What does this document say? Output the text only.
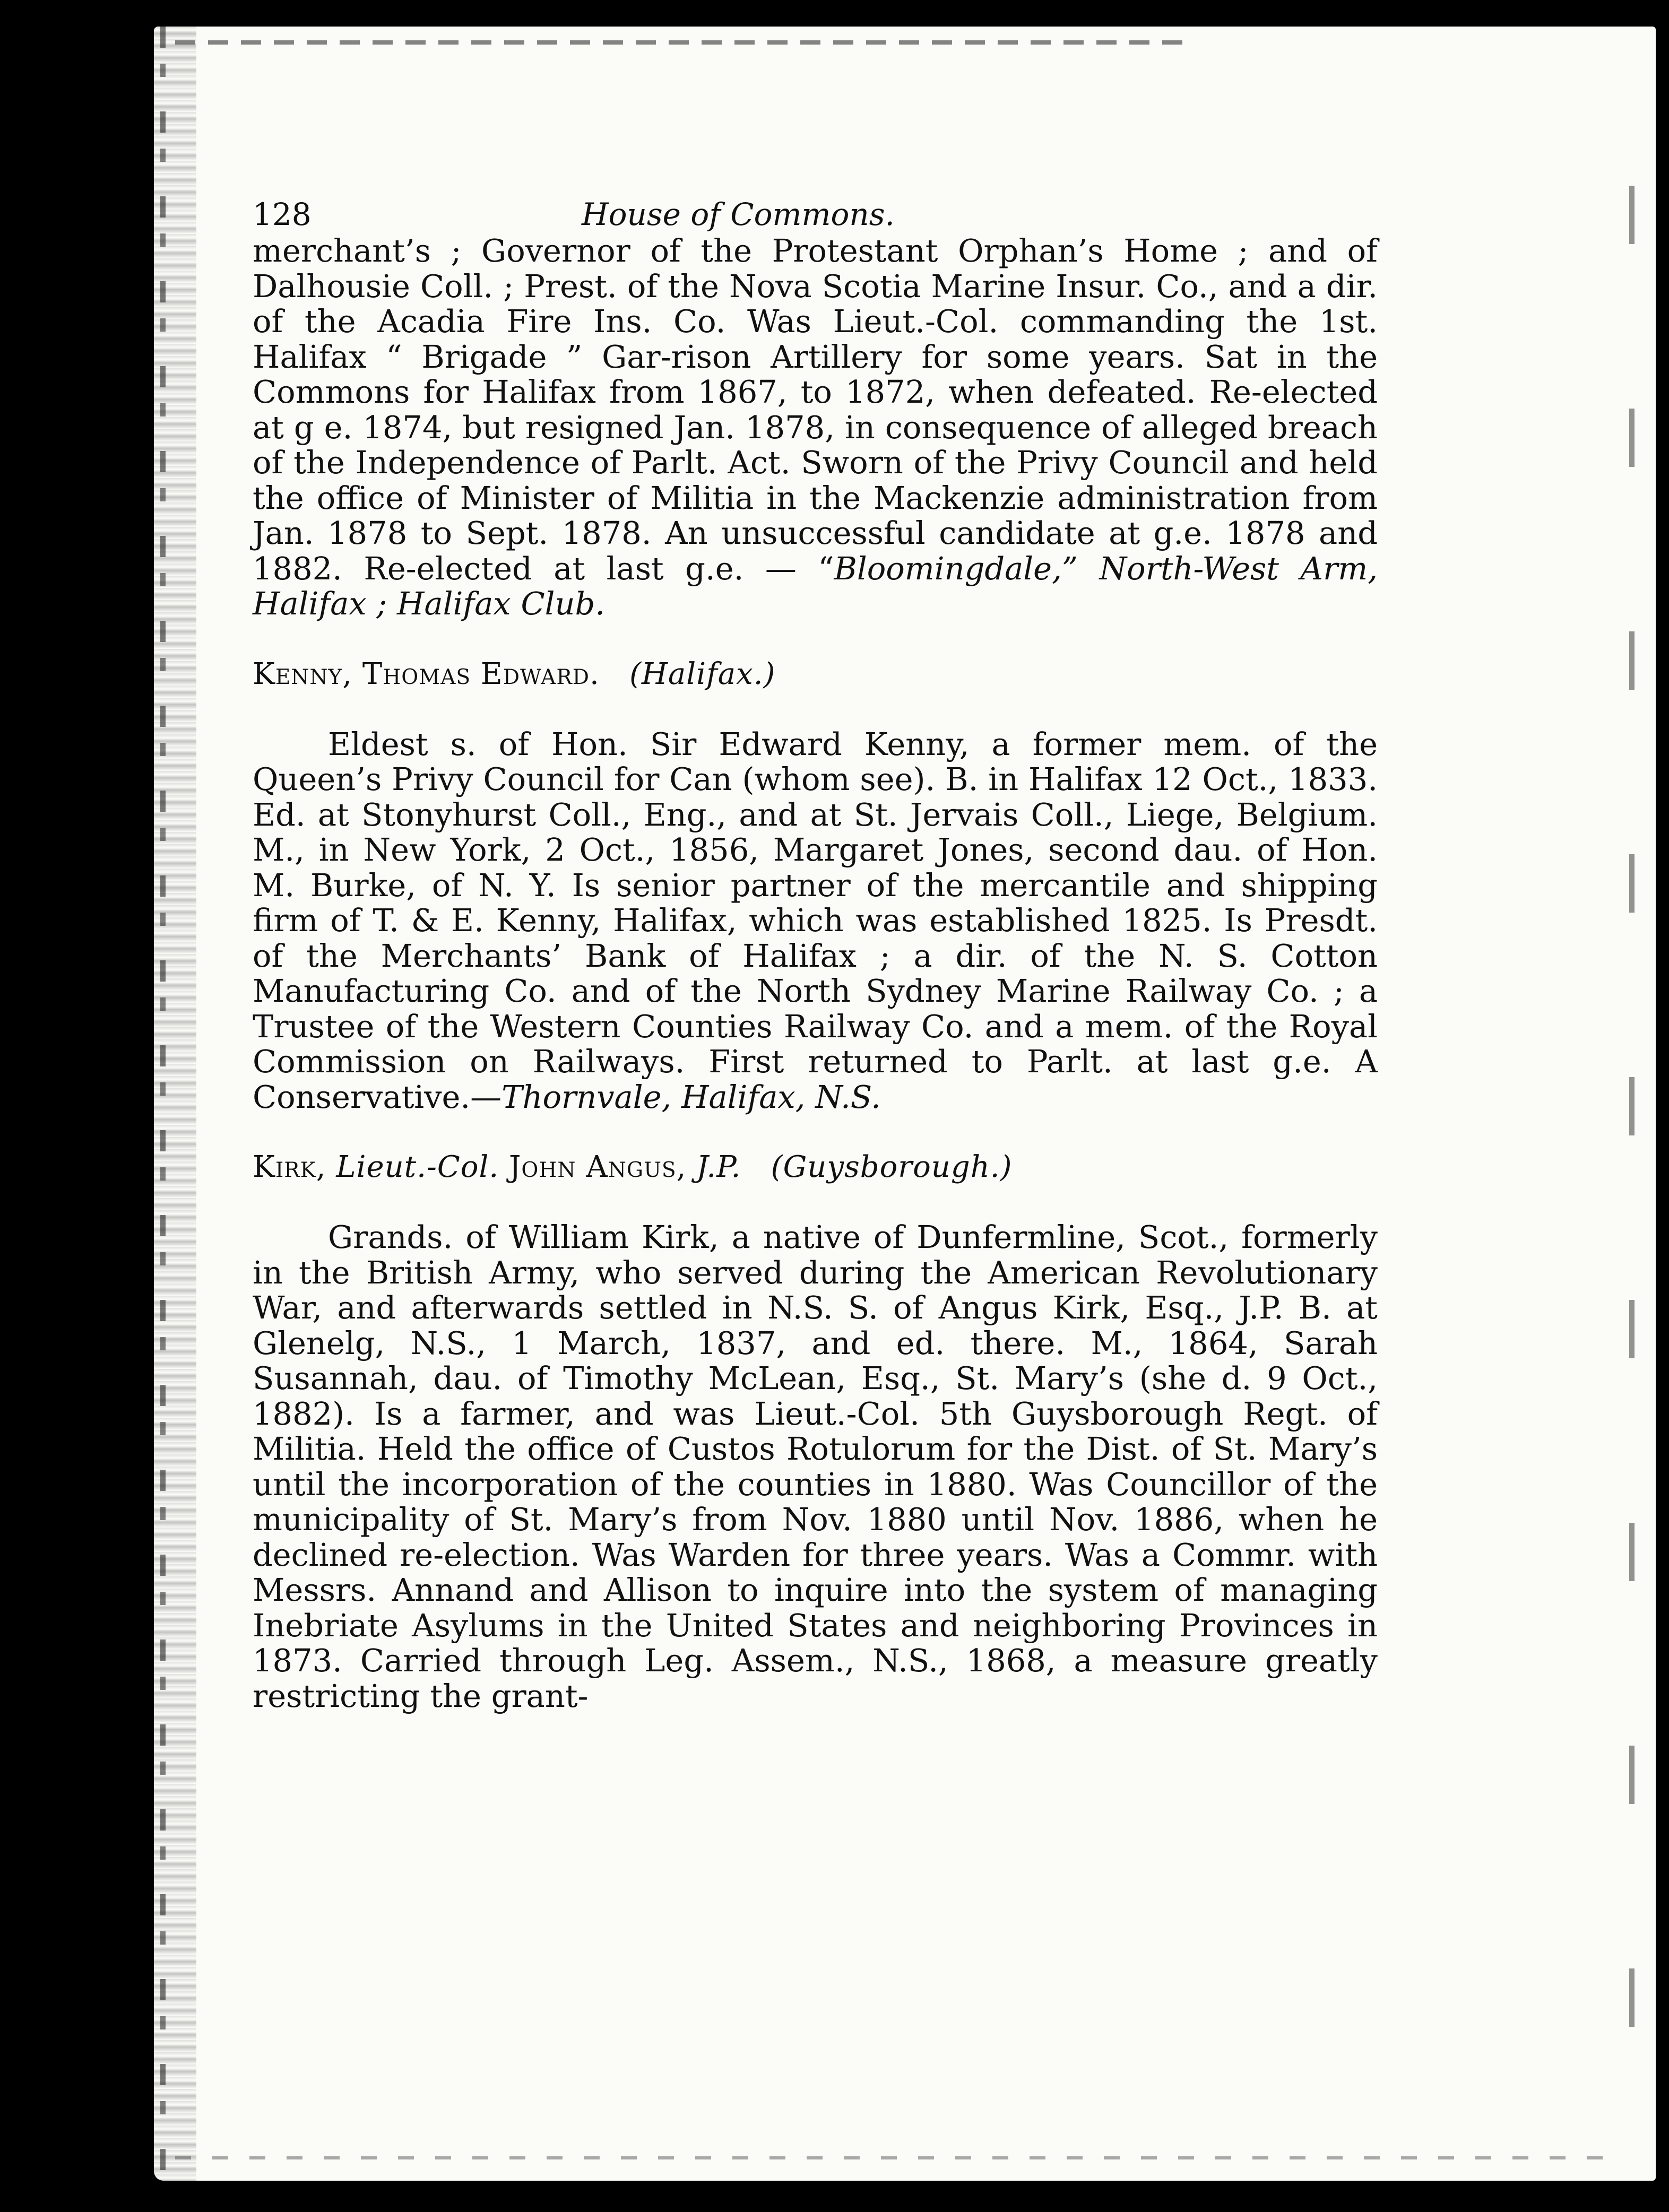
128	House of Commons.

merchant’s ; Governor of the Protestant Orphan’s Home ; and of Dalhousie Coll. ; Prest. of the Nova Scotia Marine Insur. Co., and a dir. of the Acadia Fire Ins. Co. Was Lieut.-Col. commanding the 1st. Halifax “ Brigade ” Gar-rison Artillery for some years. Sat in the Commons for Halifax from 1867, to 1872, when defeated. Re-elected at g e. 1874, but resigned Jan. 1878, in consequence of alleged breach of the Independence of Parlt. Act. Sworn of the Privy Council and held the office of Minister of Militia in the Mackenzie administration from Jan. 1878 to Sept. 1878. An unsuccessful candidate at g.e. 1878 and 1882. Re-elected at last g.e. — “Bloomingdale,” North-West Arm, Halifax ; Halifax Club.

Kenny, Thomas Edward. (Halifax.)

Eldest s. of Hon. Sir Edward Kenny, a former mem. of the Queen’s Privy Council for Can (whom see). B. in Halifax 12 Oct., 1833. Ed. at Stonyhurst Coll., Eng., and at St. Jervais Coll., Liege, Belgium. M., in New York, 2 Oct., 1856, Margaret Jones, second dau. of Hon. M. Burke, of N. Y. Is senior partner of the mercantile and shipping firm of T. & E. Kenny, Halifax, which was established 1825. Is Presdt. of the Merchants’ Bank of Halifax ; a dir. of the N. S. Cotton Manufacturing Co. and of the North Sydney Marine Railway Co. ; a Trustee of the Western Counties Railway Co. and a mem. of the Royal Commission on Railways. First returned to Parlt. at last g.e. A Conservative.—Thornvale, Halifax, N.S.

Kirk, Lieut.-Col. John Angus, J.P. (Guysborough.)

Grands. of William Kirk, a native of Dunfermline, Scot., formerly in the British Army, who served during the American Revolutionary War, and afterwards settled in N.S. S. of Angus Kirk, Esq., J.P. B. at Glenelg, N.S., 1 March, 1837, and ed. there. M., 1864, Sarah Susannah, dau. of Timothy McLean, Esq., St. Mary’s (she d. 9 Oct., 1882). Is a farmer, and was Lieut.-Col. 5th Guysborough Regt. of Militia. Held the office of Custos Rotulorum for the Dist. of St. Mary’s until the incorporation of the counties in 1880. Was Councillor of the municipality of St. Mary’s from Nov. 1880 until Nov. 1886, when he declined re-election. Was Warden for three years. Was a Commr. with Messrs. Annand and Allison to inquire into the system of managing Inebriate Asylums in the United States and neighboring Provinces in 1873. Carried through Leg. Assem., N.S., 1868, a measure greatly restricting the grant-
